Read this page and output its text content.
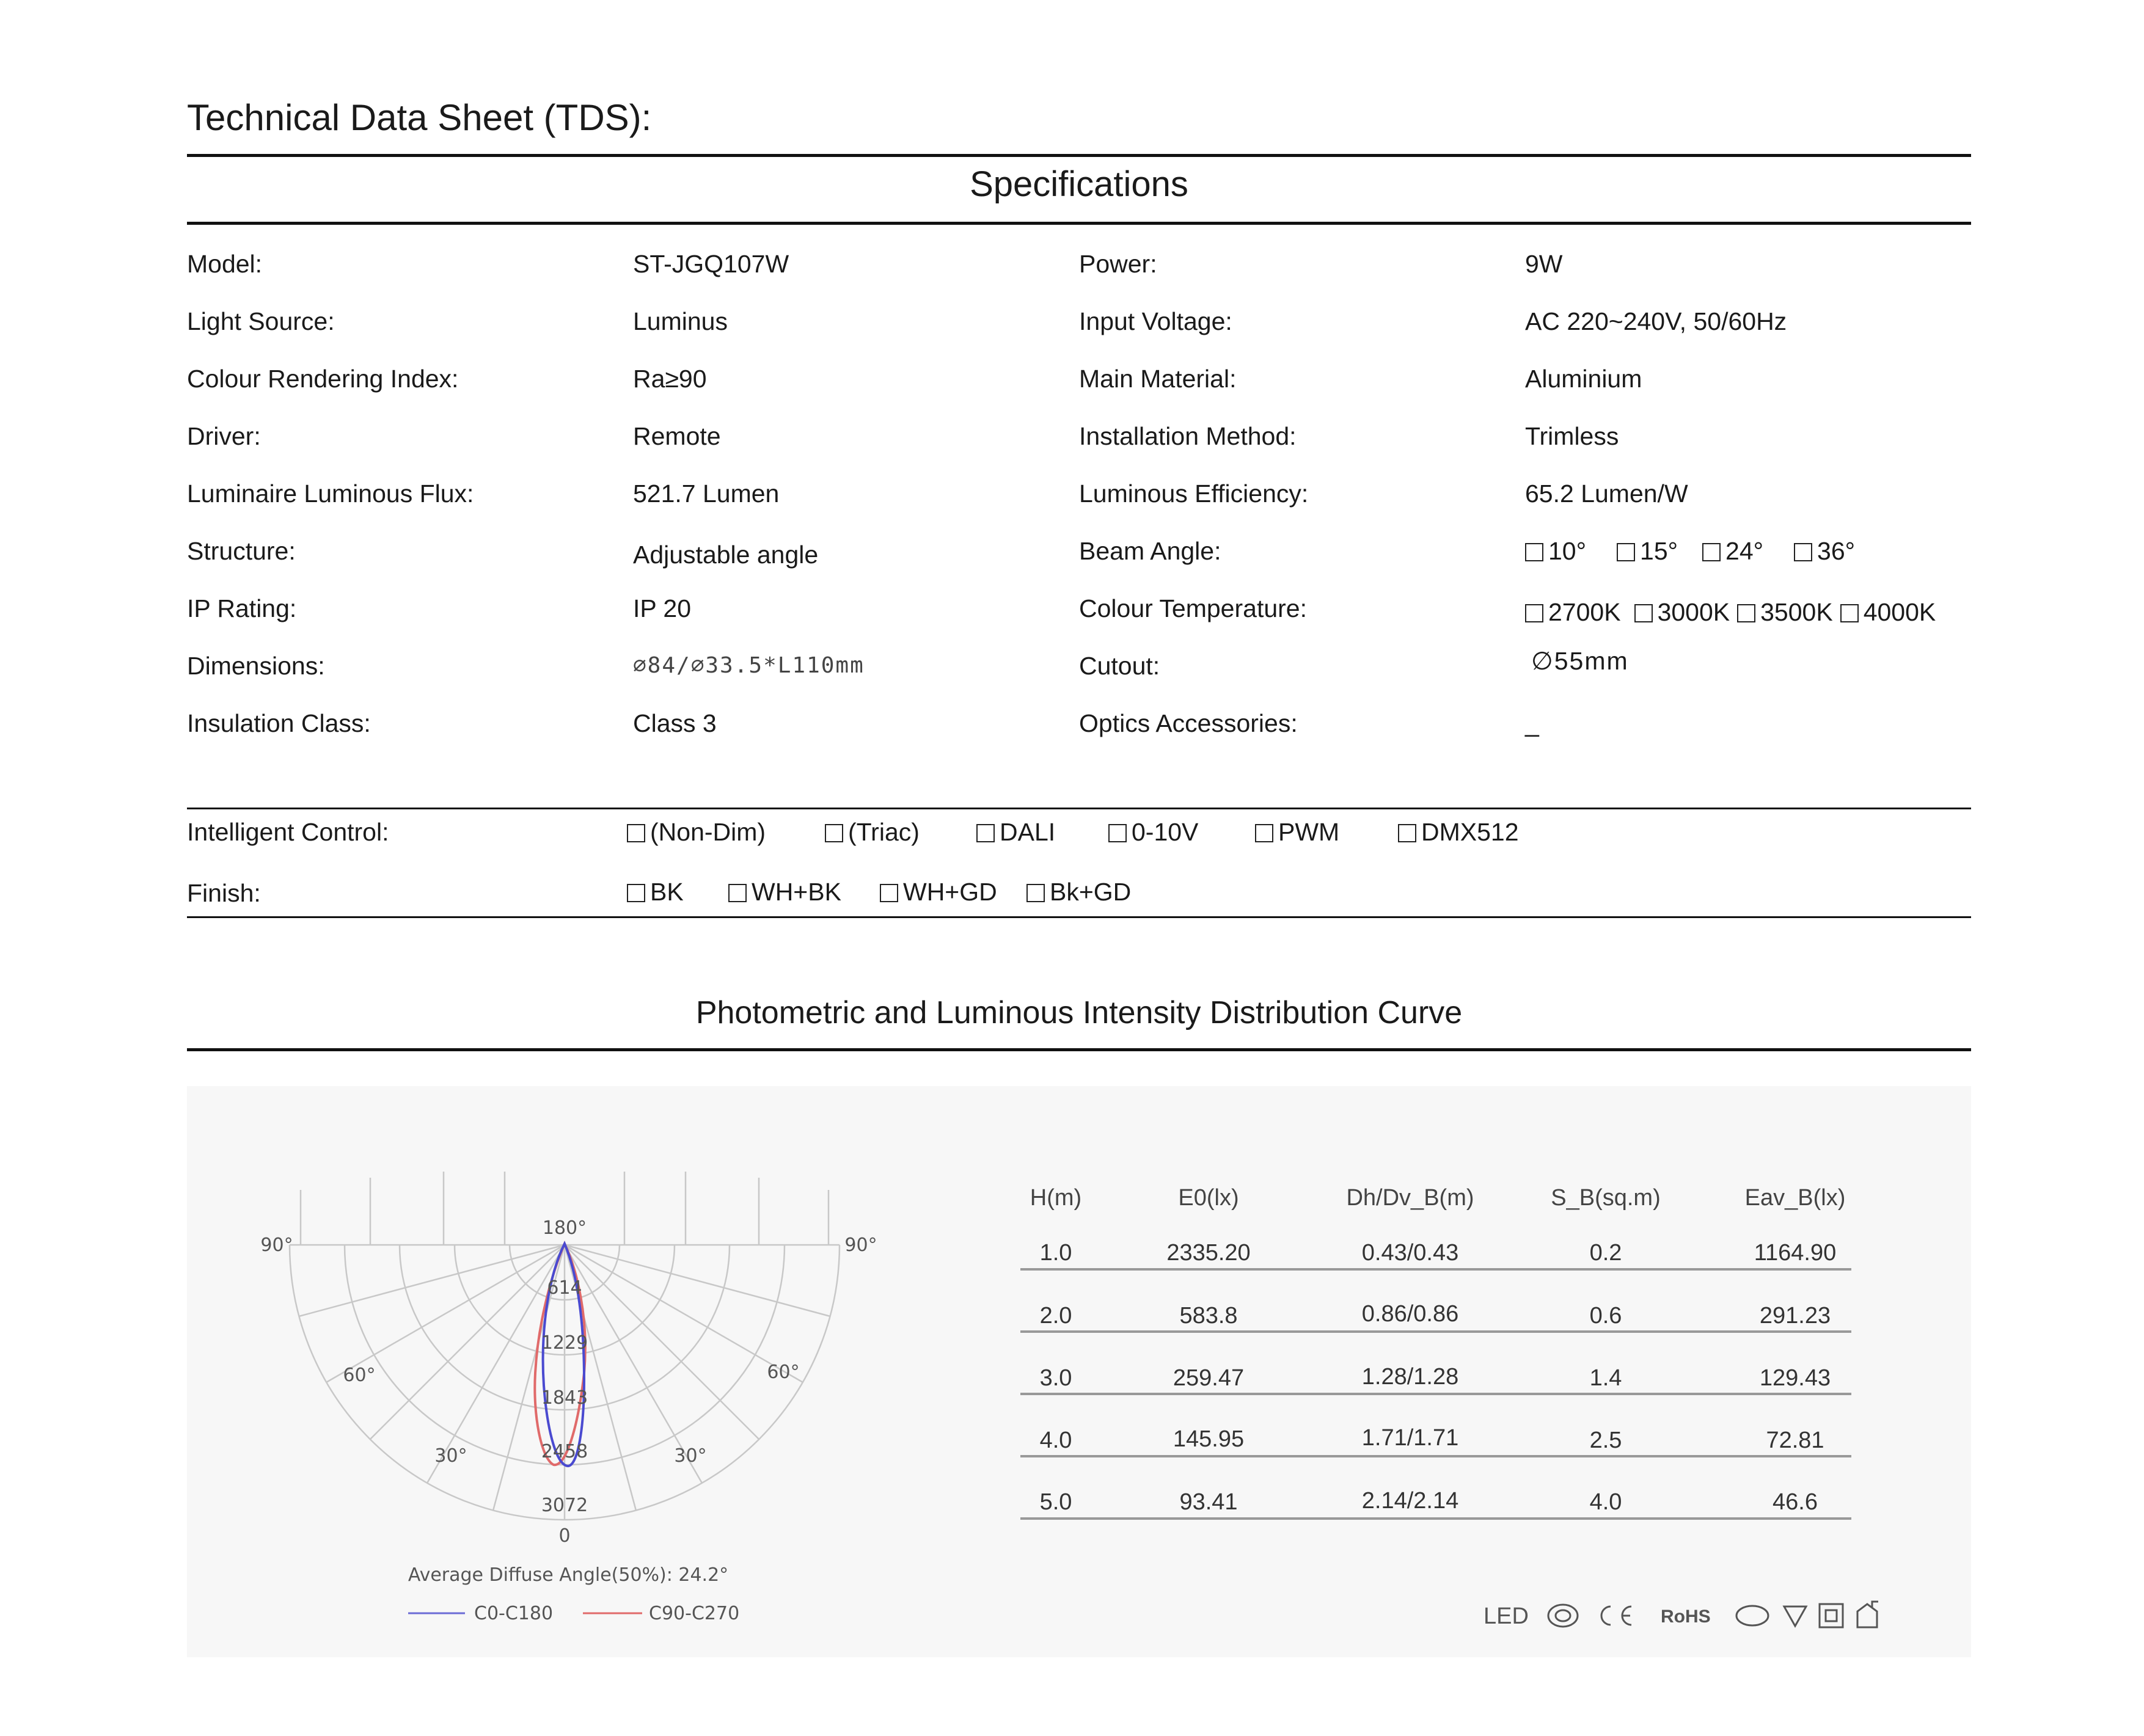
Technical Data Sheet (TDS):
Specifications
Model:	ST-JGQ107W	Power:	9W
Light Source:	Luminus	Input Voltage:	AC 220~240V, 50/60Hz
Colour Rendering Index:	Ra≥90	Main Material:	Aluminium
Driver:	Remote	Installation Method:	Trimless
Luminaire Luminous Flux:	521.7 Lumen	Luminous Efficiency:	65.2 Lumen/W
Structure:	Adjustable angle	Beam Angle:	10° 15° 24° 36°
IP Rating:	IP 20	Colour Temperature:	2700K 3000K 3500K 4000K
Dimensions:	∅84/∅33.5*L110mm	Cutout:	∅55mm
Insulation Class:	Class 3	Optics Accessories:	_
Intelligent Control:	(Non-Dim)	(Triac)	DALI	0-10V	PWM	DMX512
Finish:	BK	WH+BK	WH+GD	Bk+GD
Photometric and Luminous Intensity Distribution Curve
180°
90°	90°
60°	60°
30°	30°
0
614
1229
1843
2458
3072
Average Diffuse Angle(50%): 24.2°
C0-C180	C90-C270
H(m)	E0(lx)	Dh/Dv_B(m)	S_B(sq.m)	Eav_B(lx)
1.0	2335.20	0.43/0.43	0.2	1164.90
2.0	583.8	0.86/0.86	0.6	291.23
3.0	259.47	1.28/1.28	1.4	129.43
4.0	145.95	1.71/1.71	2.5	72.81
5.0	93.41	2.14/2.14	4.0	46.6
LED	RoHS
